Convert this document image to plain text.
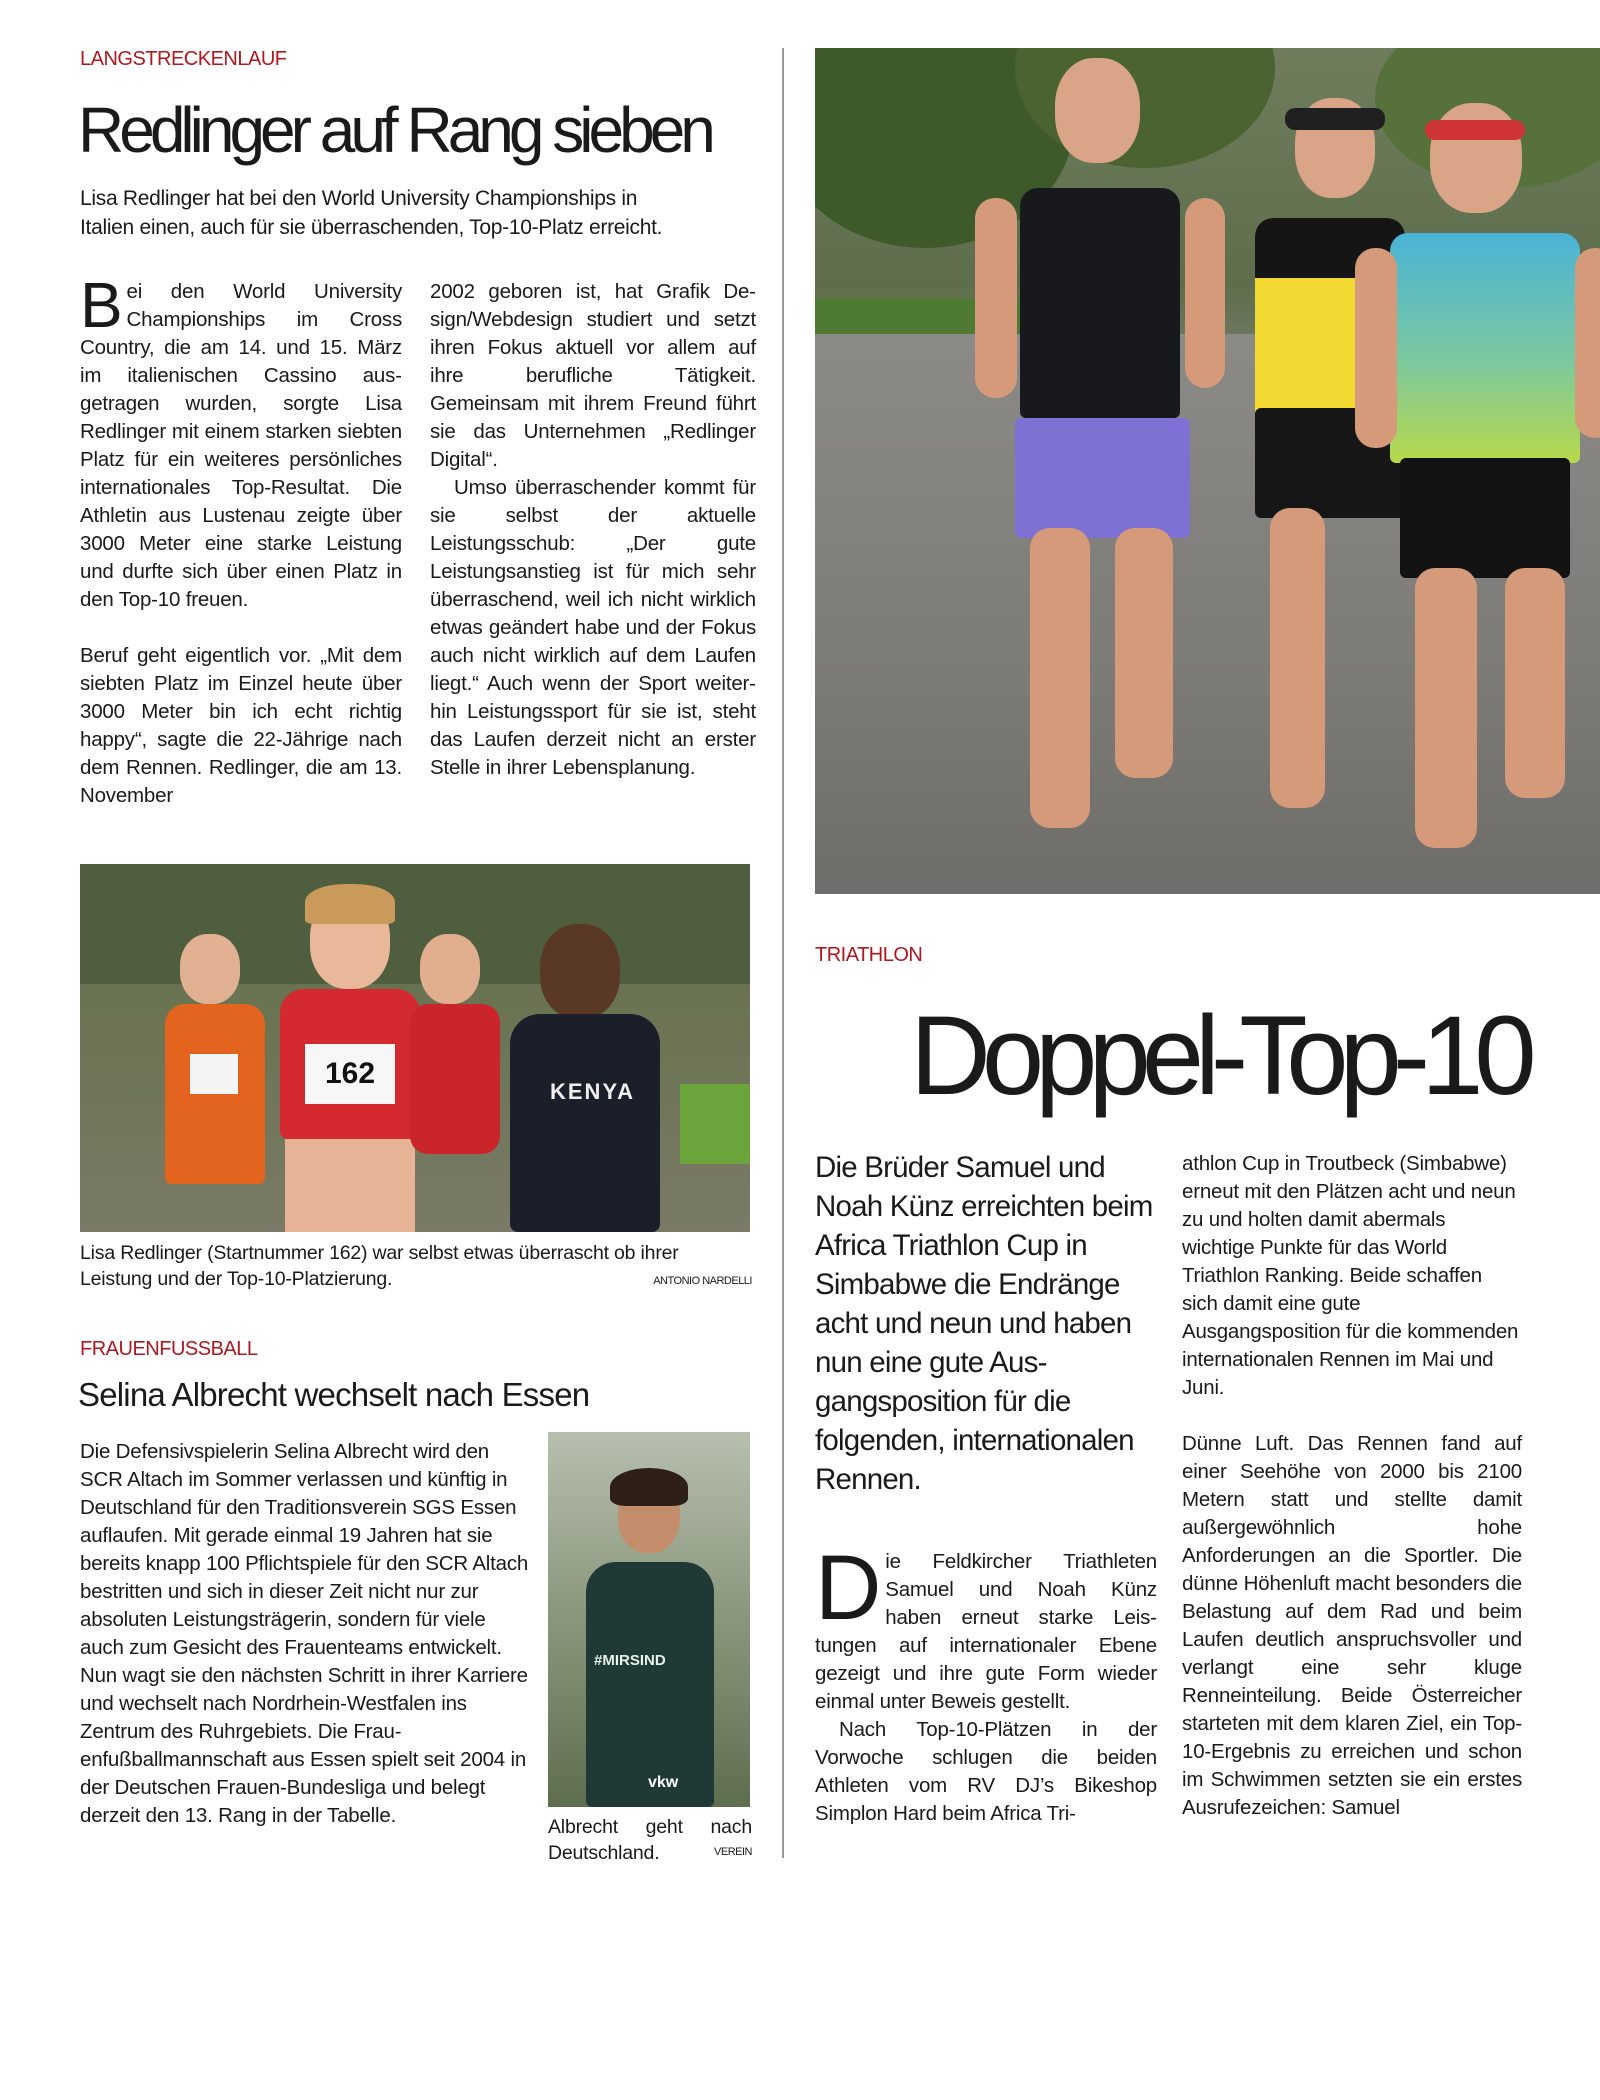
LANGSTRECKENLAUF
Redlinger auf Rang sieben
Lisa Redlinger hat bei den World University Championships in
Italien einen, auch für sie überraschenden, Top-10-Platz erreicht.

Bei den World University Championships im Cross Country, die am 14. und 15. März im italienischen Cassino ausgetragen wurden, sorgte Lisa Redlinger mit einem starken siebten Platz für ein weiteres persönliches internationales Top-Resultat. Die Athletin aus Lustenau zeigte über 3000 Meter eine starke Leistung und durfte sich über einen Platz in den Top-10 freuen.

Beruf geht eigentlich vor. „Mit dem siebten Platz im Einzel heute über 3000 Meter bin ich echt richtig happy“, sagte die 22-Jährige nach dem Rennen. Redlinger, die am 13. November

2002 geboren ist, hat Grafik Design/Webdesign studiert und setzt ihren Fokus aktuell vor allem auf ihre berufliche Tätigkeit. Gemeinsam mit ihrem Freund führt sie das Unternehmen „Redlinger Digital“.

Umso überraschender kommt für sie selbst der aktuelle Leistungsschub: „Der gute Leistungsanstieg ist für mich sehr überraschend, weil ich nicht wirklich etwas geändert habe und der Fokus auch nicht wirklich auf dem Laufen liegt.“ Auch wenn der Sport weiterhin Leistungssport für sie ist, steht das Laufen derzeit nicht an erster Stelle in ihrer Lebensplanung.

162
KENYA
Lisa Redlinger (Startnummer 162) war selbst etwas überrascht ob ihrer Leistung und der Top-10-Platzierung.	ANTONIO NARDELLI
FRAUENFUSSBALL
Selina Albrecht wechselt nach Essen
Die Defensivspielerin Selina Albrecht wird den SCR Altach im Sommer verlassen und künftig in Deutschland für den Traditionsverein SGS Essen auflaufen. Mit gerade einmal 19 Jahren hat sie bereits knapp 100 Pflichtspiele für den SCR Altach bestritten und sich in dieser Zeit nicht nur zur absoluten Leistungsträgerin, sondern für viele auch zum Gesicht des Frauenteams entwickelt. Nun wagt sie den nächsten Schritt in ihrer Karriere und wechselt nach Nordrhein-Westfalen ins Zentrum des Ruhrgebiets. Die Frauenfußballmannschaft aus Essen spielt seit 2004 in der Deutschen Frauen-Bundesliga und belegt derzeit den 13. Rang in der Tabelle.
#MIRSIND
vkw
Albrecht geht nach Deutschland.	VEREIN
TRIATHLON
Doppel-Top-10
Die Brüder Samuel und Noah Künz erreichten beim Africa Triathlon Cup in Simbabwe die Endränge acht und neun und haben nun eine gute Ausgangsposition für die folgenden, internationalen Rennen.

Die Feldkircher Triathleten Samuel und Noah Künz haben erneut starke Leistungen auf internationaler Ebene gezeigt und ihre gute Form wieder einmal unter Beweis gestellt.

Nach Top-10-Plätzen in der Vorwoche schlugen die beiden Athleten vom RV DJ’s Bikeshop Simplon Hard beim Africa Tri-

athlon Cup in Troutbeck (Simbabwe) erneut mit den Plätzen acht und neun zu und holten damit abermals wichtige Punkte für das World Triathlon Ranking. Beide schaffen sich damit eine gute Ausgangsposition für die kommenden internationalen Rennen im Mai und Juni.

Dünne Luft. Das Rennen fand auf einer Seehöhe von 2000 bis 2100 Metern statt und stellte damit außergewöhnlich hohe Anforderungen an die Sportler. Die dünne Höhenluft macht besonders die Belastung auf dem Rad und beim Laufen deutlich anspruchsvoller und verlangt eine sehr kluge Renneinteilung. Beide Österreicher starteten mit dem klaren Ziel, ein Top-10-Ergebnis zu erreichen und schon im Schwimmen setzten sie ein erstes Ausrufezeichen: Samuel
